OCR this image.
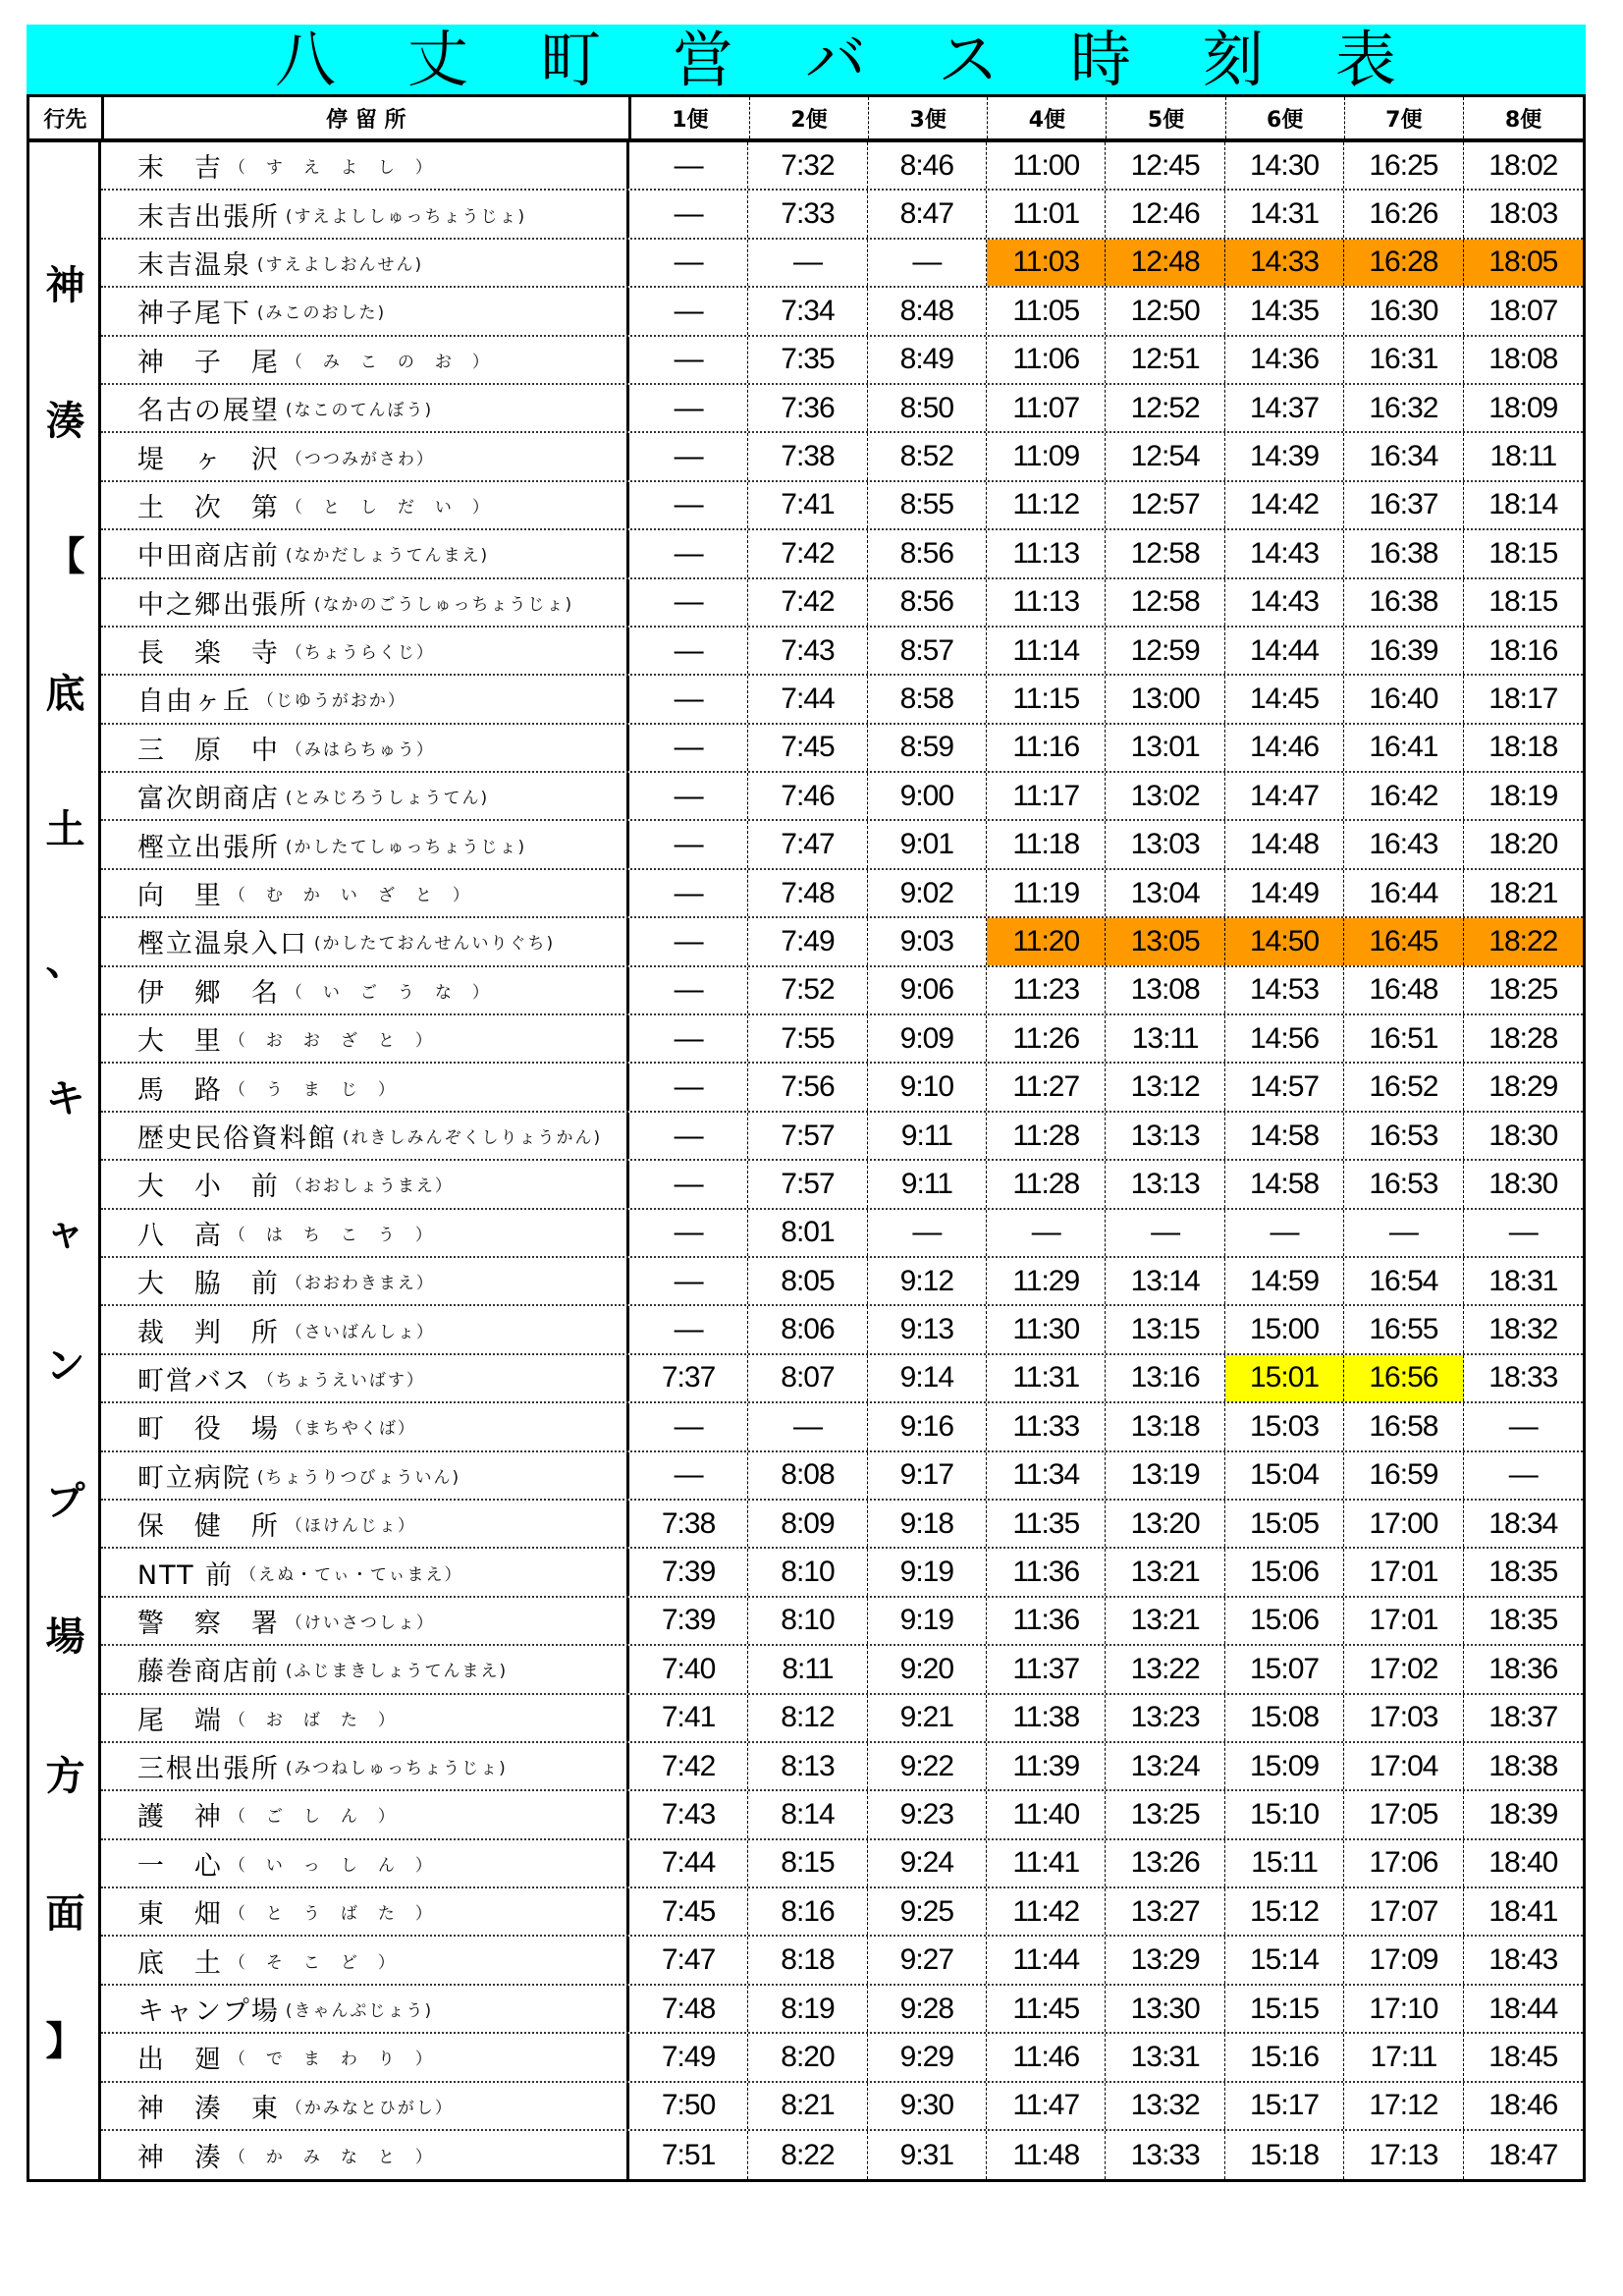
八	丈	町	営	バ	ス	時	刻	表
行先	停 留 所	1便	2便	3便	4便	5便	6便	7便	8便
神
湊
【
底
土
、
キ
ャ
ン
プ
場
方
面
】
末　吉 （　す　え　よ　し　）	—	7:32	8:46	11:00	12:45	14:30	16:25	18:02
末吉出張所 (すえよししゅっちょうじょ)	—	7:33	8:47	11:01	12:46	14:31	16:26	18:03
末吉温泉 (すえよしおんせん)	—	—	—	11:03	12:48	14:33	16:28	18:05
神子尾下 (みこのおした)	—	7:34	8:48	11:05	12:50	14:35	16:30	18:07
神　子　尾 （　み　こ　の　お　）	—	7:35	8:49	11:06	12:51	14:36	16:31	18:08
名古の展望 (なこのてんぼう)	—	7:36	8:50	11:07	12:52	14:37	16:32	18:09
堤　ヶ　沢 （つつみがさわ）	—	7:38	8:52	11:09	12:54	14:39	16:34	18:11
土　次　第 （　と　し　だ　い　）	—	7:41	8:55	11:12	12:57	14:42	16:37	18:14
中田商店前 (なかだしょうてんまえ)	—	7:42	8:56	11:13	12:58	14:43	16:38	18:15
中之郷出張所 (なかのごうしゅっちょうじょ)	—	7:42	8:56	11:13	12:58	14:43	16:38	18:15
長　楽　寺 （ちょうらくじ）	—	7:43	8:57	11:14	12:59	14:44	16:39	18:16
自由ヶ丘 （じゆうがおか）	—	7:44	8:58	11:15	13:00	14:45	16:40	18:17
三　原　中 （みはらちゅう）	—	7:45	8:59	11:16	13:01	14:46	16:41	18:18
富次朗商店 (とみじろうしょうてん)	—	7:46	9:00	11:17	13:02	14:47	16:42	18:19
樫立出張所 (かしたてしゅっちょうじょ)	—	7:47	9:01	11:18	13:03	14:48	16:43	18:20
向　里 （　む　か　い　ざ　と　）	—	7:48	9:02	11:19	13:04	14:49	16:44	18:21
樫立温泉入口 (かしたておんせんいりぐち)	—	7:49	9:03	11:20	13:05	14:50	16:45	18:22
伊　郷　名 （　い　ご　う　な　）	—	7:52	9:06	11:23	13:08	14:53	16:48	18:25
大　里 （　お　お　ざ　と　）	—	7:55	9:09	11:26	13:11	14:56	16:51	18:28
馬　路 （　う　ま　じ　）	—	7:56	9:10	11:27	13:12	14:57	16:52	18:29
歴史民俗資料館 (れきしみんぞくしりょうかん)	—	7:57	9:11	11:28	13:13	14:58	16:53	18:30
大　小　前 （おおしょうまえ）	—	7:57	9:11	11:28	13:13	14:58	16:53	18:30
八　高 （　は　ち　こ　う　）	—	8:01	—	—	—	—	—	—
大　脇　前 （おおわきまえ）	—	8:05	9:12	11:29	13:14	14:59	16:54	18:31
裁　判　所 （さいばんしょ）	—	8:06	9:13	11:30	13:15	15:00	16:55	18:32
町営バス （ちょうえいばす）	7:37	8:07	9:14	11:31	13:16	15:01	16:56	18:33
町　役　場 （まちやくば）	—	—	9:16	11:33	13:18	15:03	16:58	—
町立病院 (ちょうりつびょういん)	—	8:08	9:17	11:34	13:19	15:04	16:59	—
保　健　所 （ほけんじょ）	7:38	8:09	9:18	11:35	13:20	15:05	17:00	18:34
NTT 前 （えぬ・てぃ・てぃまえ）	7:39	8:10	9:19	11:36	13:21	15:06	17:01	18:35
警　察　署 （けいさつしょ）	7:39	8:10	9:19	11:36	13:21	15:06	17:01	18:35
藤巻商店前 (ふじまきしょうてんまえ)	7:40	8:11	9:20	11:37	13:22	15:07	17:02	18:36
尾　端 （　お　ば　た　）	7:41	8:12	9:21	11:38	13:23	15:08	17:03	18:37
三根出張所 (みつねしゅっちょうじょ)	7:42	8:13	9:22	11:39	13:24	15:09	17:04	18:38
護　神 （　ご　し　ん　）	7:43	8:14	9:23	11:40	13:25	15:10	17:05	18:39
一　心 （　い　っ　し　ん　）	7:44	8:15	9:24	11:41	13:26	15:11	17:06	18:40
東　畑 （　と　う　ば　た　）	7:45	8:16	9:25	11:42	13:27	15:12	17:07	18:41
底　土 （　そ　こ　ど　）	7:47	8:18	9:27	11:44	13:29	15:14	17:09	18:43
キャンプ場 (きゃんぷじょう)	7:48	8:19	9:28	11:45	13:30	15:15	17:10	18:44
出　廻 （　で　ま　わ　り　）	7:49	8:20	9:29	11:46	13:31	15:16	17:11	18:45
神　湊　東 （かみなとひがし）	7:50	8:21	9:30	11:47	13:32	15:17	17:12	18:46
神　湊 （　か　み　な　と　）	7:51	8:22	9:31	11:48	13:33	15:18	17:13	18:47
